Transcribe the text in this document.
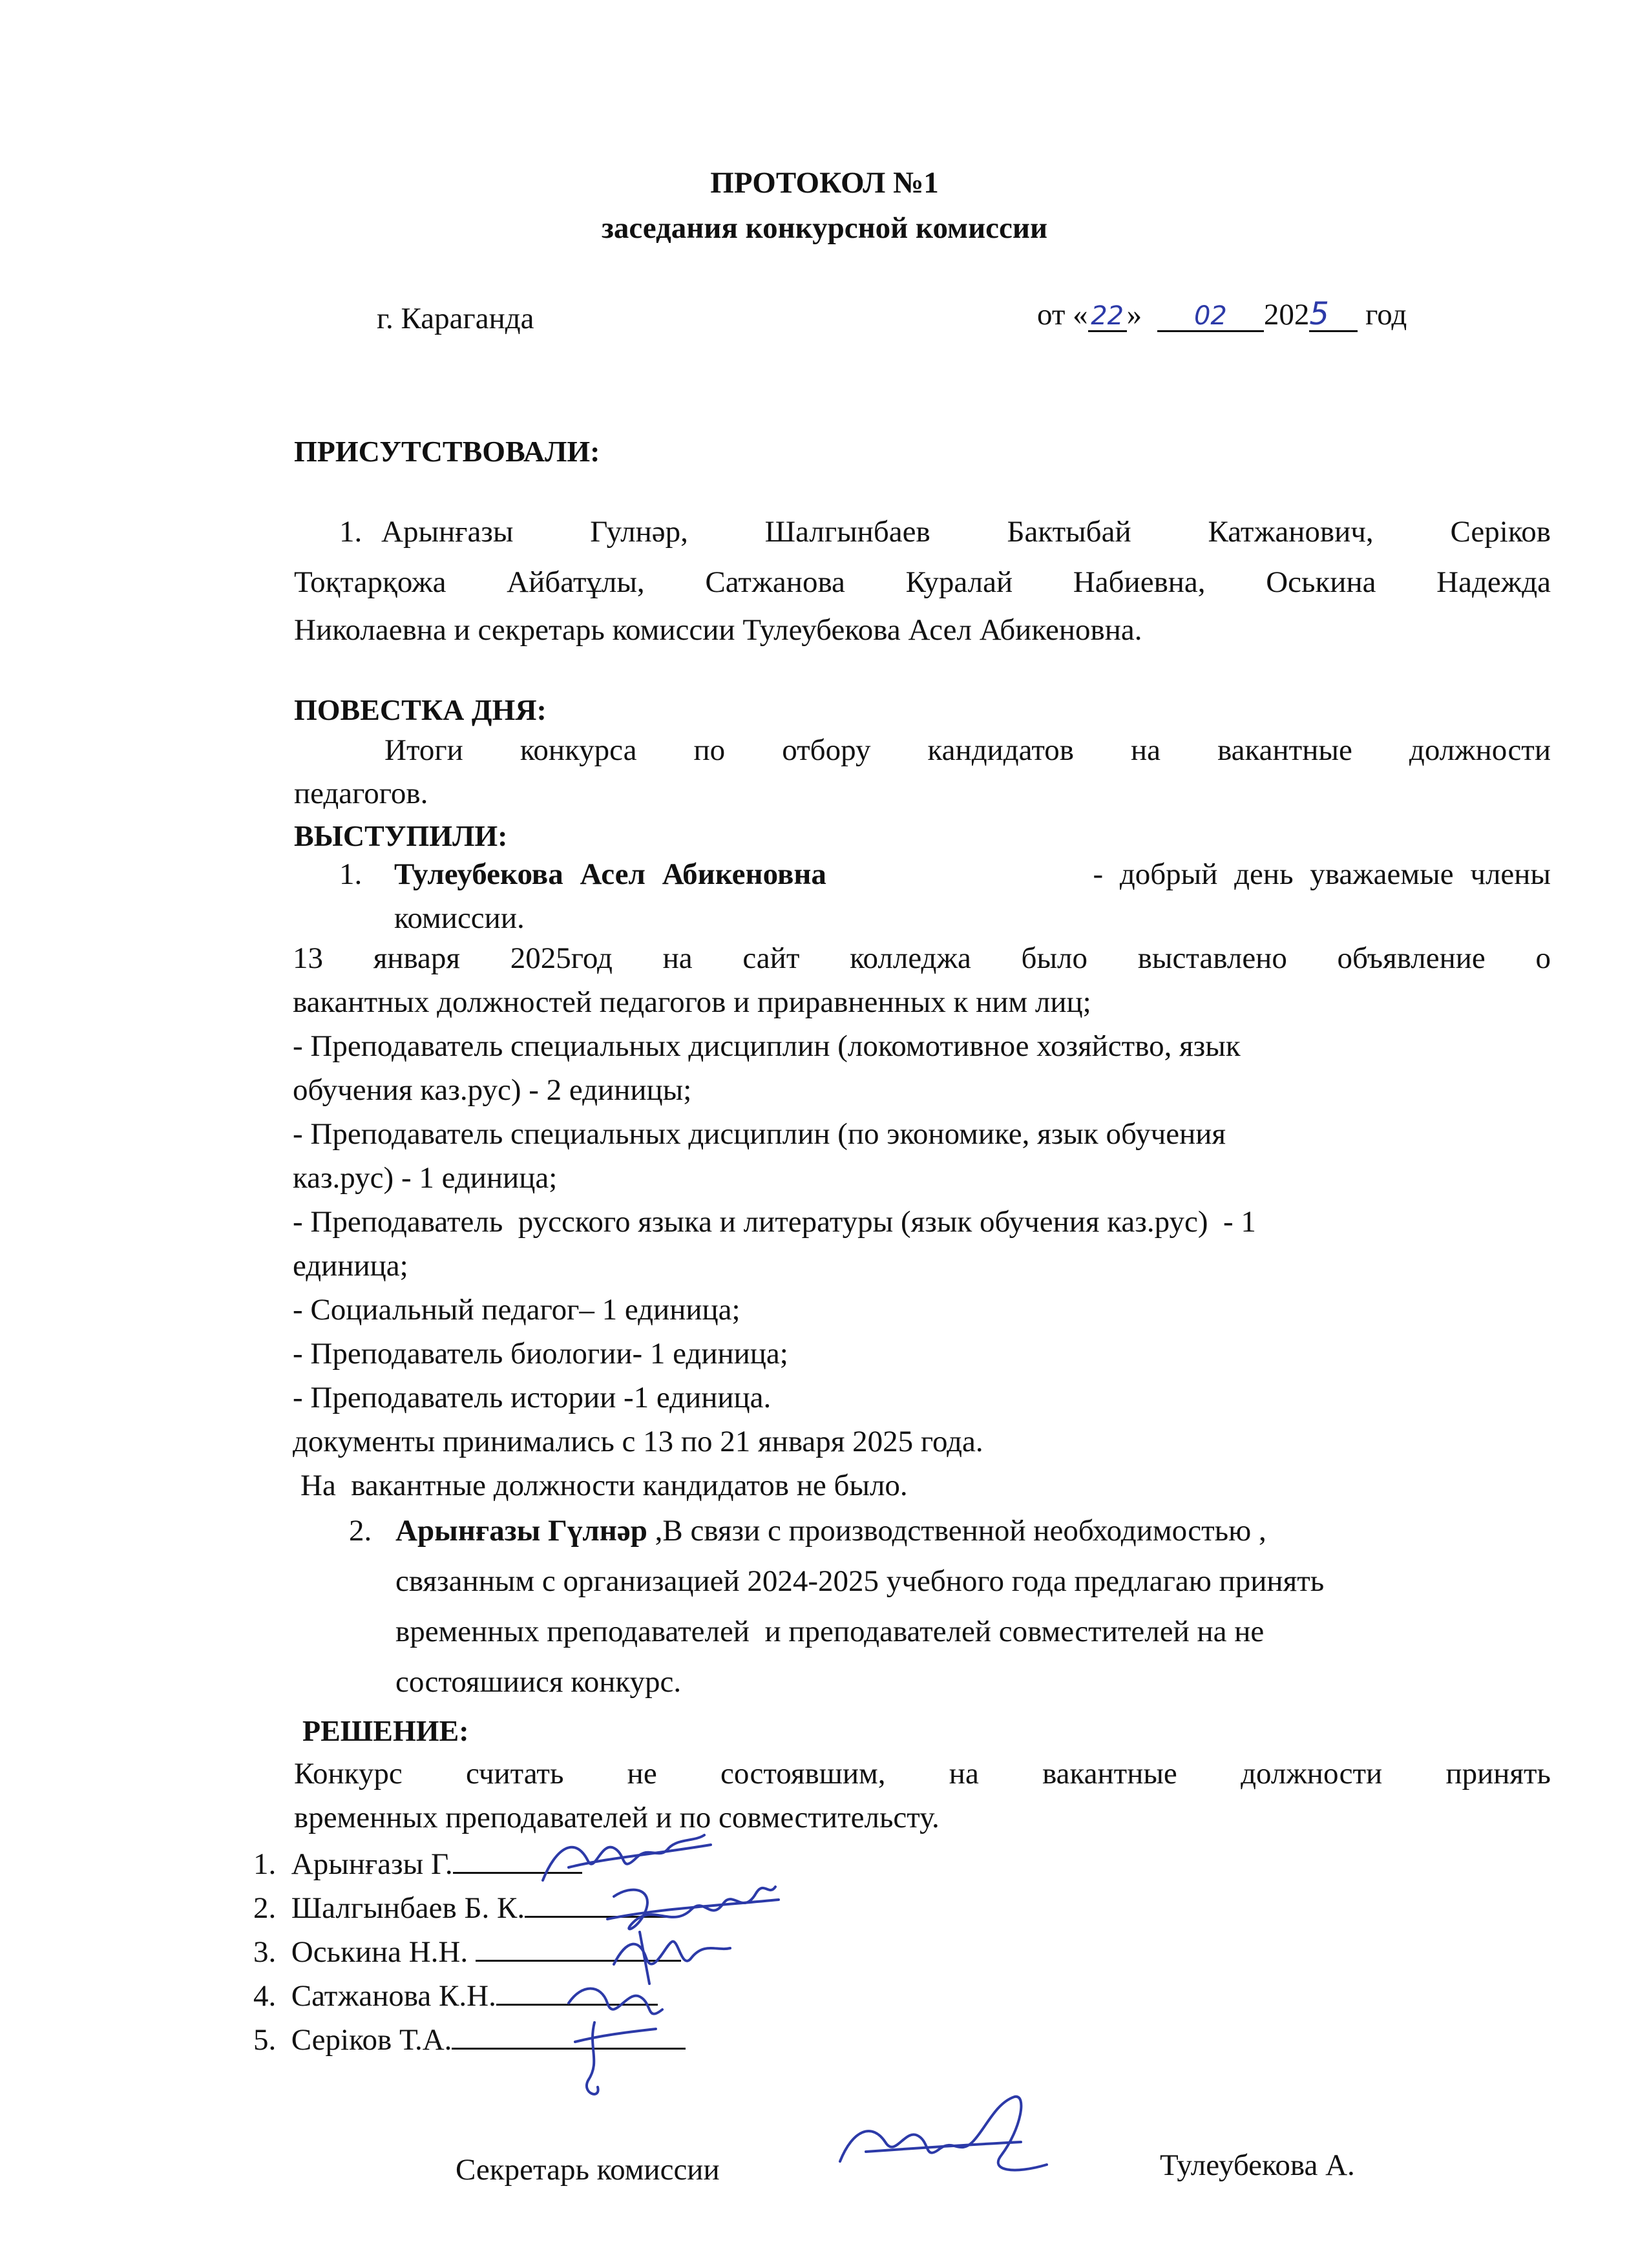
ПРОТОКОЛ №1
заседания конкурсной комиссии
г. Караганда	от « 22» 02 2025 год
ПРИСУТСТВОВАЛИ:
1. Арынғазы Гулнәр, Шалгынбаев Бактыбай Катжанович, Серіков
Тоқтарқожа Айбатұлы, Сатжанова Куралай Набиевна, Оськина Надежда
Николаевна и секретарь комиссии Тулеубекова Асел Абикеновна.
ПОВЕСТКА ДНЯ:
Итоги конкурса по отбору кандидатов на вакантные должности
педагогов.
ВЫСТУПИЛИ:
1. Тулеубекова Асел Абикеновна	- добрый день уважаемые члены
комиссии.
13 января 2025год на сайт колледжа было выставлено объявление о
вакантных должностей педагогов и приравненных к ним лиц;
- Преподаватель специальных дисциплин (локомотивное хозяйство, язык
обучения каз.рус) - 2 единицы;
- Преподаватель специальных дисциплин (по экономике, язык обучения
каз.рус) - 1 единица;
- Преподаватель  русского языка и литературы (язык обучения каз.рус)  - 1
единица;
- Социальный педагог– 1 единица;
- Преподаватель биологии- 1 единица;
- Преподаватель истории -1 единица.
документы принимались с 13 по 21 января 2025 года.
На  вакантные должности кандидатов не было.
2. Арынғазы Гүлнәр ,В связи с производственной необходимостью ,
связанным с организацией 2024-2025 учебного года предлагаю принять
временных преподавателей  и преподавателей совместителей на не
состояшиися конкурс.
РЕШЕНИЕ:
Конкурс считать не состоявшим, на вакантные должности принять
временных преподавателей и по совместительсту.
1. Арынғазы Г.
2. Шалгынбаев Б. К.
3. Оськина Н.Н.
4. Сатжанова К.Н.
5. Серіков Т.А.
Секретарь комиссии	Тулеубекова А.
